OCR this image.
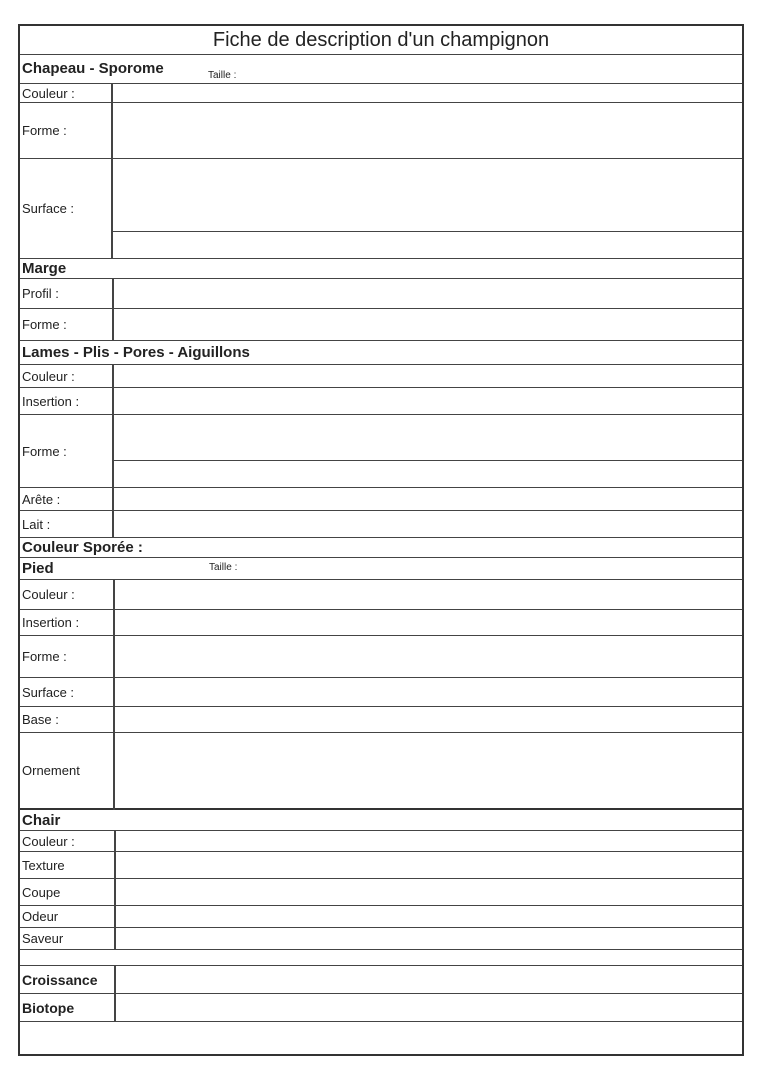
Fiche de description d'un champignon
Chapeau - Sporome	Taille :
Couleur :
Forme :
Surface :
Marge
Profil :
Forme :
Lames - Plis - Pores - Aiguillons
Couleur :
Insertion :
Forme :
Arête :
Lait :
Couleur Sporée :
Pied	Taille :
Couleur :
Insertion :
Forme :
Surface :
Base :
Ornement
Chair
Couleur :
Texture
Coupe
Odeur
Saveur
Croissance
Biotope
